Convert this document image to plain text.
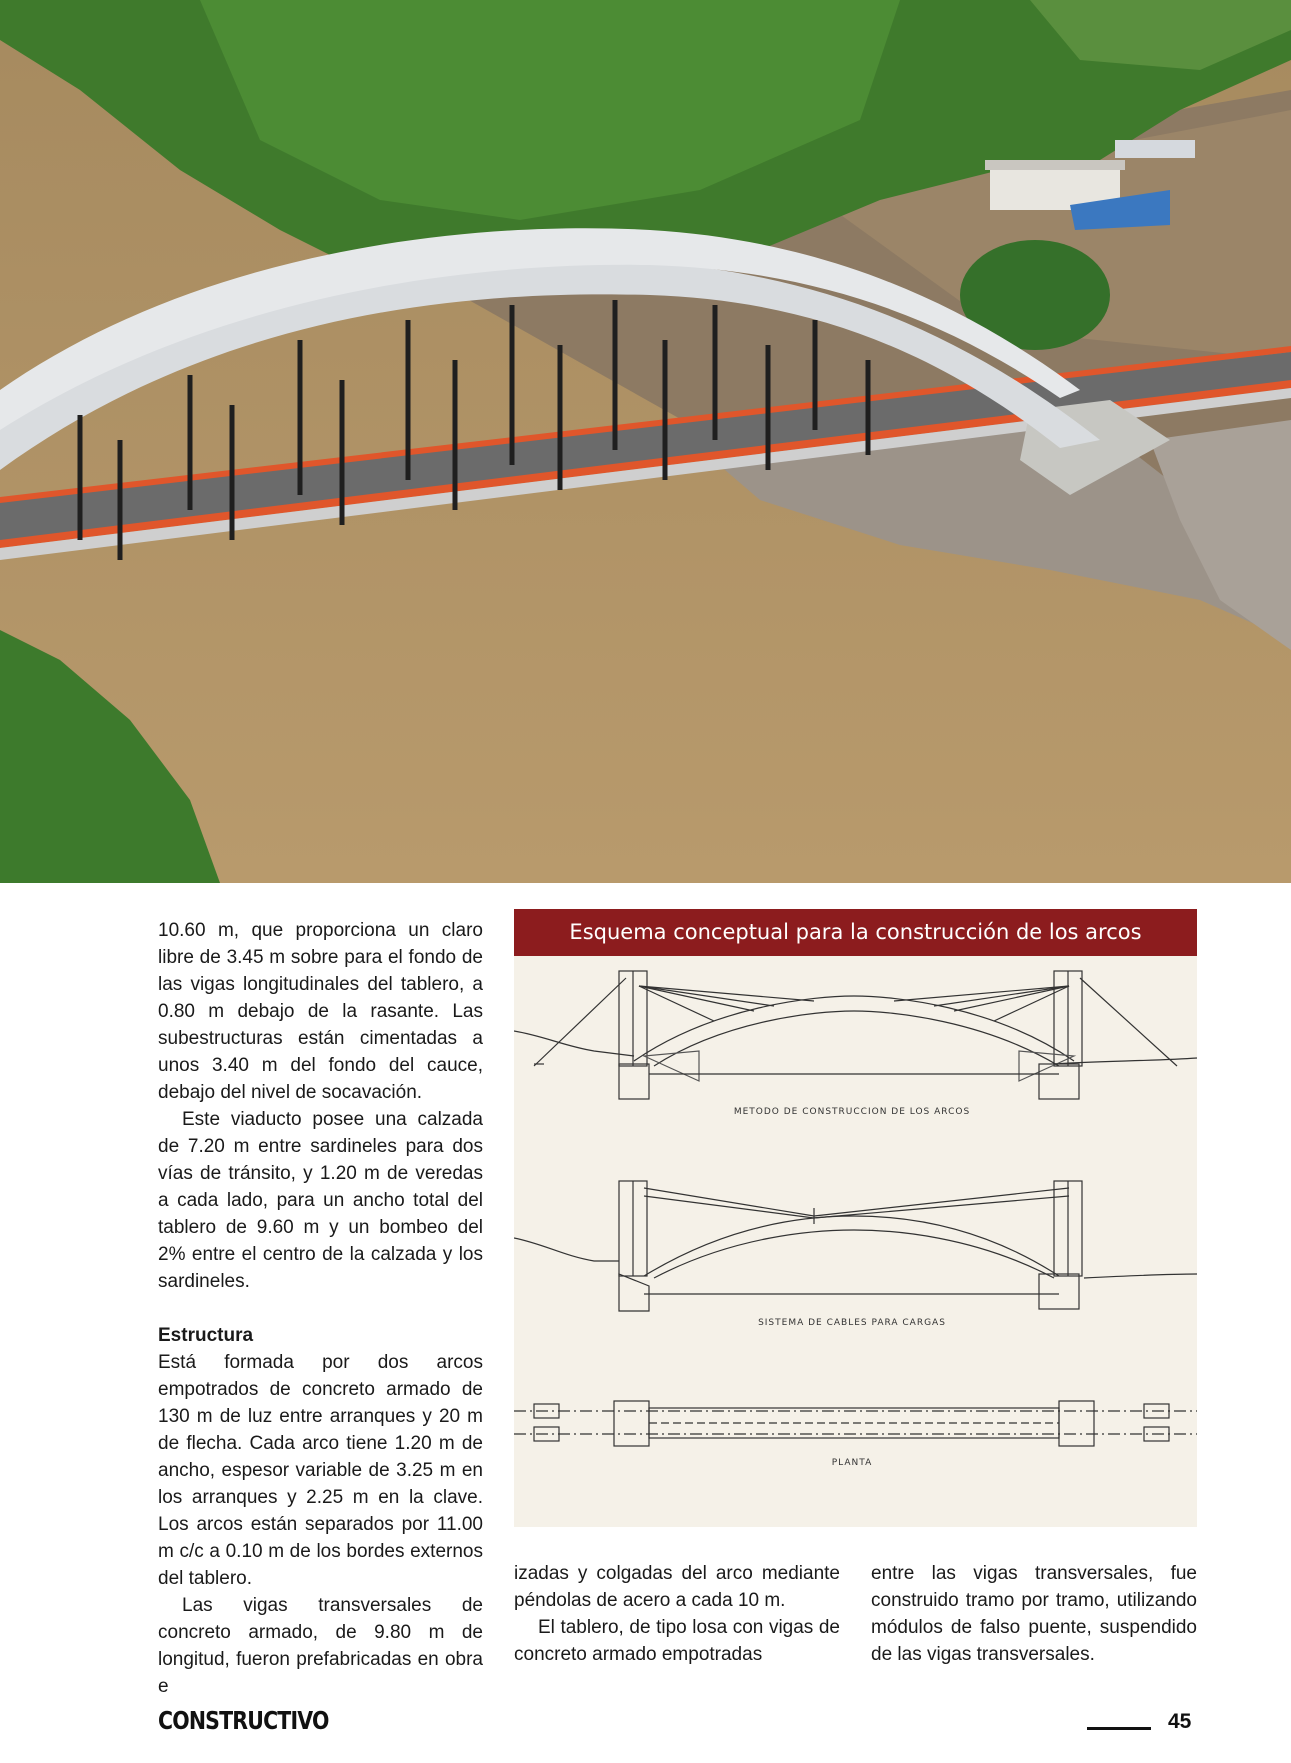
10.60 m, que proporciona un claro libre de 3.45 m sobre para el fondo de las vigas longitudinales del tablero, a 0.80 m debajo de la rasante. Las subestructuras están cimentadas a unos 3.40 m del fondo del cauce, debajo del nivel de socavación.

Este viaducto posee una calzada de 7.20 m entre sardineles para dos vías de tránsito, y 1.20 m de veredas a cada lado, para un ancho total del tablero de 9.60 m y un bombeo del 2% entre el centro de la calzada y los sardineles.

Estructura

Está formada por dos arcos empotrados de concreto armado de 130 m de luz entre arranques y 20 m de flecha. Cada arco tiene 1.20 m de ancho, espesor variable de 3.25 m en los arranques y 2.25 m en la clave. Los arcos están separados por 11.00 m c/c a 0.10 m de los bordes externos del tablero.

Las vigas transversales de concreto armado, de 9.80 m de longitud, fueron prefabricadas en obra e

Esquema conceptual para la construcción de los arcos
METODO DE CONSTRUCCION DE LOS ARCOS
SISTEMA DE CABLES PARA CARGAS
PLANTA

izadas y colgadas del arco mediante péndolas de acero a cada 10 m.

El tablero, de tipo losa con vigas de concreto armado empotradas

entre las vigas transversales, fue construido tramo por tramo, utilizando módulos de falso puente, suspendido de las vigas transversales.

CONSTRUCTIVO	45
